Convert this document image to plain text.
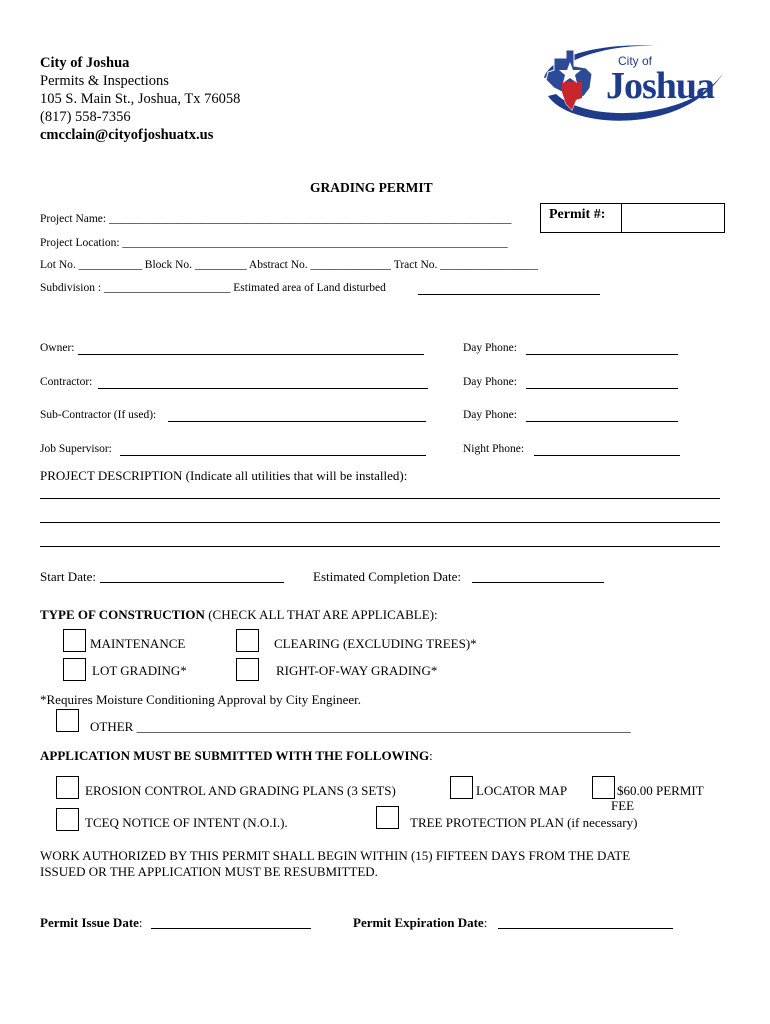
City of Joshua
Permits & Inspections
105 S. Main St., Joshua, Tx 76058
(817) 558-7356
cmcclain@cityofjoshuatx.us
City of
Joshua
GRADING PERMIT
Permit #:
Project Name: ______________________________________________________________________
Project Location: ___________________________________________________________________
Lot No. ___________ Block No. _________ Abstract No. ______________ Tract No. _________________
Subdivision : ______________________ Estimated area of Land disturbed
Owner:	Day Phone:
Contractor:	Day Phone:
Sub-Contractor (If used):	Day Phone:
Job Supervisor:	Night Phone:
PROJECT DESCRIPTION (Indicate all utilities that will be installed):
Start Date:	Estimated Completion Date:
TYPE OF CONSTRUCTION (CHECK ALL THAT ARE APPLICABLE):
MAINTENANCE	CLEARING (EXCLUDING TREES)*
LOT GRADING*	RIGHT-OF-WAY GRADING*
*Requires Moisture Conditioning Approval by City Engineer.
OTHER ____________________________________________________________________________
APPLICATION MUST BE SUBMITTED WITH THE FOLLOWING:
EROSION CONTROL AND GRADING PLANS (3 SETS)	LOCATOR MAP	$60.00 PERMIT
FEE
TCEQ NOTICE OF INTENT (N.O.I.).	TREE PROTECTION PLAN (if necessary)
WORK AUTHORIZED BY THIS PERMIT SHALL BEGIN WITHIN (15) FIFTEEN DAYS FROM THE DATE
ISSUED OR THE APPLICATION MUST BE RESUBMITTED.
Permit Issue Date:	Permit Expiration Date:
